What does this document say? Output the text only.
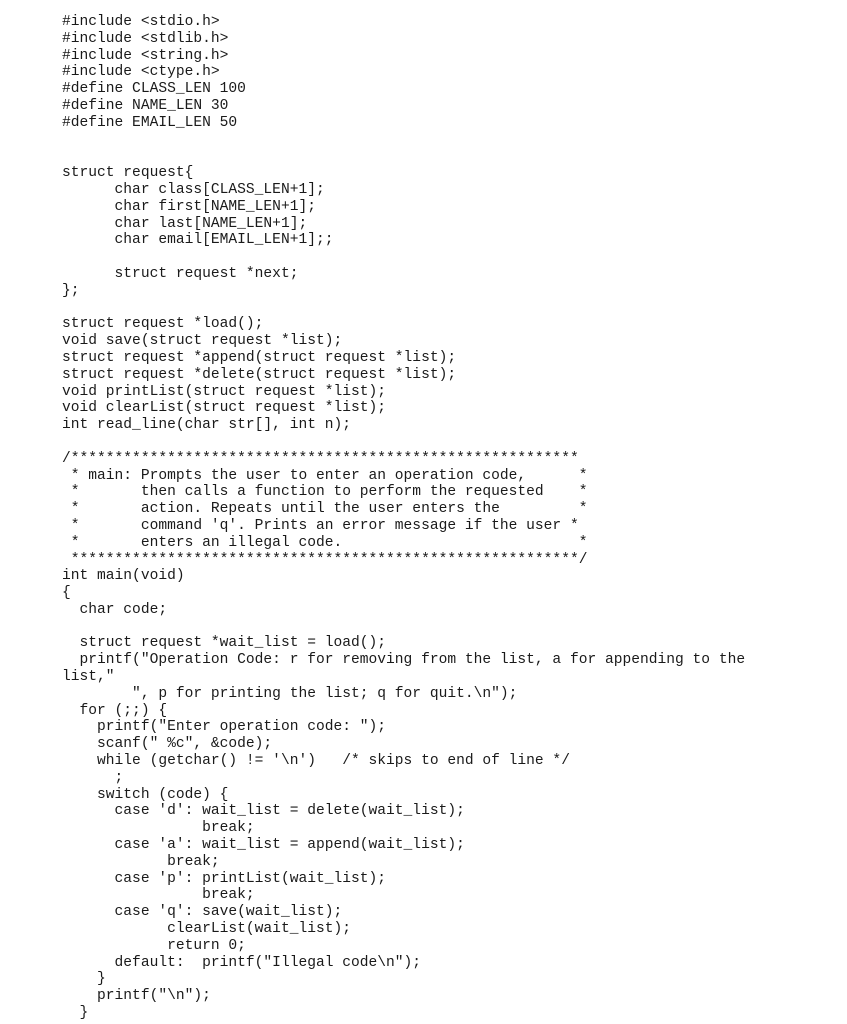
#include <stdio.h>
#include <stdlib.h>
#include <string.h>
#include <ctype.h>
#define CLASS_LEN 100
#define NAME_LEN 30
#define EMAIL_LEN 50
struct request{
char class[CLASS_LEN+1];
char first[NAME_LEN+1];
char last[NAME_LEN+1];
char email[EMAIL_LEN+1];;
struct request *next;
};
struct request *load();
void save(struct request *list);
struct request *append(struct request *list);
struct request *delete(struct request *list);
void printList(struct request *list);
void clearList(struct request *list);
int read_line(char str[], int n);
/**********************************************************
* main: Prompts the user to enter an operation code,      *
*       then calls a function to perform the requested    *
*       action. Repeats until the user enters the         *
*       command 'q'. Prints an error message if the user *
*       enters an illegal code.                           *
**********************************************************/
int main(void)
{
char code;
struct request *wait_list = load();
printf("Operation Code: r for removing from the list, a for appending to the
list,"
", p for printing the list; q for quit.\n");
for (;;) {
printf("Enter operation code: ");
scanf(" %c", &code);
while (getchar() != '\n')   /* skips to end of line */
;
switch (code) {
case 'd': wait_list = delete(wait_list);
break;
case 'a': wait_list = append(wait_list);
break;
case 'p': printList(wait_list);
break;
case 'q': save(wait_list);
clearList(wait_list);
return 0;
default:  printf("Illegal code\n");
}
printf("\n");
}
